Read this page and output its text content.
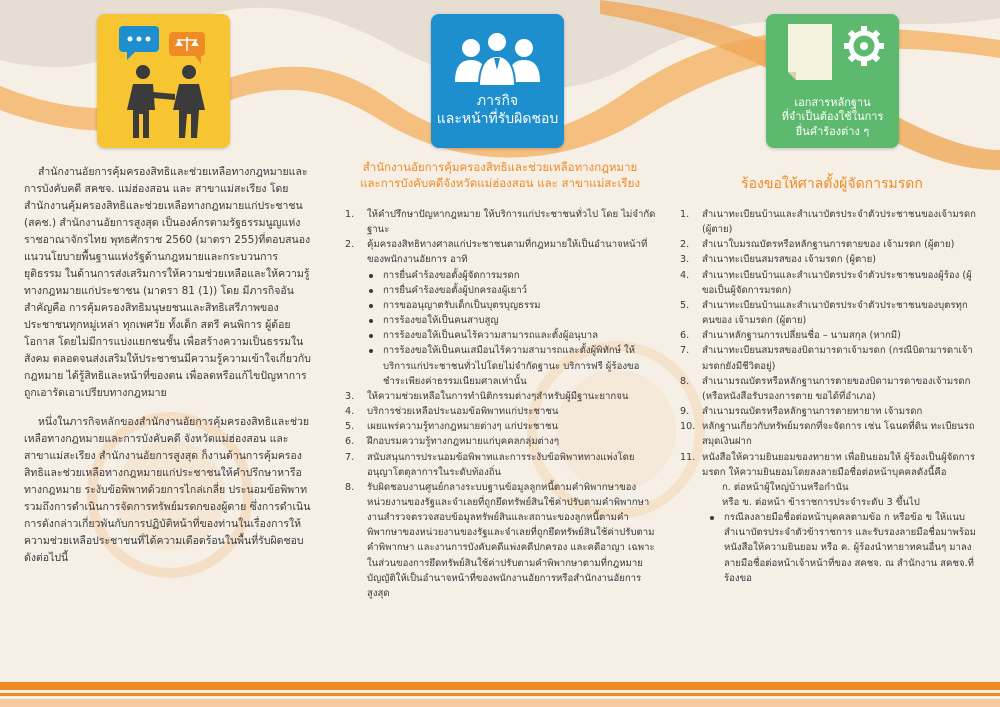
ภารกิจ
และหน้าที่รับผิดชอบ
เอกสารหลักฐาน
ที่จำเป็นต้องใช้ในการ
ยื่นคำร้องต่าง ๆ

สำนักงานอัยการคุ้มครองสิทธิและช่วยเหลือทางกฎหมายและการบังคับคดี สคชจ. แม่ฮ่องสอน และ สาขาแม่สะเรียง โดยสำนักงานคุ้มครองสิทธิและช่วยเหลือทางกฎหมายแก่ประชาชน (สคช.) สำนักงานอัยการสูงสุด เป็นองค์กรตามรัฐธรรมนูญแห่งราชอาณาจักรไทย พุทธศักราช 2560 (มาตรา 255)ที่ตอบสนองแนวนโยบายพื้นฐานแห่งรัฐด้านกฎหมายและกระบวนการยุติธรรม ในด้านการส่งเสริมการให้ความช่วยเหลือและให้ความรู้ทางกฎหมายแก่ประชาชน (มาตรา 81 (1)) โดย มีภารกิจอันสำคัญคือ การคุ้มครองสิทธิมนุษยชนและสิทธิเสรีภาพของประชาชนทุกหมู่เหล่า ทุกเพศวัย ทั้งเด็ก สตรี คนพิการ ผู้ด้อยโอกาส โดยไม่มีการแบ่งแยกชนชั้น เพื่อสร้างความเป็นธรรมในสังคม ตลอดจนส่งเสริมให้ประชาชนมีความรู้ความเข้าใจเกี่ยวกับกฎหมาย ได้รู้สิทธิและหน้าที่ของตน เพื่อลดหรือแก้ไขปัญหาการถูกเอารัดเอาเปรียบทางกฎหมาย

หนึ่งในภารกิจหลักของสำนักงานอัยการคุ้มครองสิทธิและช่วยเหลือทางกฎหมายและการบังคับคดี จังหวัดแม่ฮ่องสอน และ สาขาแม่สะเรียง สำนักงานอัยการสูงสุด ก็งานด้านการคุ้มครองสิทธิและช่วยเหลือทางกฎหมายแก่ประชาชนให้คำปรึกษาหารือทางกฎหมาย ระงับข้อพิพาทด้วยการไกล่เกลี่ย ประนอมข้อพิพาท รวมถึงการดำเนินการจัดการทรัพย์มรดกของผู้ตาย ซึ่งการดำเนินการดังกล่าวเกี่ยวพันกับการปฏิบัติหน้าที่ของท่านในเรื่องการให้ความช่วยเหลือประชาชนที่ได้ความเดือดร้อนในพื้นที่รับผิดชอบ ดังต่อไปนี้

สำนักงานอัยการคุ้มครองสิทธิและช่วยเหลือทางกฎหมาย
และการบังคับคดีจังหวัดแม่ฮ่องสอน และ สาขาแม่สะเรียง
1. ให้คำปรึกษาปัญหากฎหมาย ให้บริการแก่ประชาชนทั่วไป โดย ไม่จำกัดฐานะ
2. คุ้มครองสิทธิทางศาลแก่ประชาชนตามที่กฎหมายให้เป็นอำนาจหน้าที่ของพนักงานอัยการ อาทิ
การยื่นคำร้องขอตั้งผู้จัดการมรดก
การยื่นคำร้องขอตั้งผู้ปกครองผู้เยาว์
การขออนุญาตรับเด็กเป็นบุตรบุญธรรม
การร้องขอให้เป็นคนสาบสูญ
การร้องขอให้เป็นคนไร้ความสามารถและตั้งผู้อนุบาล
การร้องขอให้เป็นคนเสมือนไร้ความสามารถและตั้งผู้พิทักษ์ ให้บริการแก่ประชาชนทั่วไปโดยไม่จำกัดฐานะ บริการฟรี ผู้ร้องขอชำระเพียงค่าธรรมเนียมศาลเท่านั้น
3. ให้ความช่วยเหลือในการทำนิติกรรมต่างๆสำหรับผู้มีฐานะยากจน
4. บริการช่วยเหลือประนอมข้อพิพาทแก่ประชาชน
5. เผยแพร่ความรู้ทางกฎหมายต่างๆ แก่ประชาชน
6. ฝึกอบรมความรู้ทางกฎหมายแก่บุคคลกลุ่มต่างๆ
7. สนับสนุนการประนอมข้อพิพาทและการระงับข้อพิพาททางแพ่งโดยอนุญาโตตุลาการในระดับท้องถิ่น
8. รับผิดชอบงานศูนย์กลางระบบฐานข้อมูลลูกหนี้ตามคำพิพากษาของหน่วยงานของรัฐและจำเลยที่ถูกยึดทรัพย์สินใช้ค่าปรับตามคำพิพากษางานสำรวจตรวจสอบข้อมูลทรัพย์สินและสถานะของลูกหนี้ตามคำพิพากษาของหน่วยงานของรัฐและจำเลยที่ถูกยึดทรัพย์สินใช้ค่าปรับตามคำพิพากษา และงานการบังคับคดีแพ่งคดีปกครอง และคดีอาญา เฉพาะในส่วนของการยึดทรัพย์สินใช้ค่าปรับตามคำพิพากษาตามที่กฎหมายบัญญัติให้เป็นอำนาจหน้าที่ของพนักงานอัยการหรือสำนักงานอัยการสูงสุด
ร้องขอให้ศาลตั้งผู้จัดการมรดก
1. สำเนาทะเบียนบ้านและสำเนาบัตรประจำตัวประชาชนของเจ้ามรดก (ผู้ตาย)
2. สำเนาใบมรณบัตรหรือหลักฐานการตายของ เจ้ามรดก (ผู้ตาย)
3. สำเนาทะเบียนสมรสของ เจ้ามรดก (ผู้ตาย)
4. สำเนาทะเบียนบ้านและสำเนาบัตรประจำตัวประชาชนของผู้ร้อง (ผู้ขอเป็นผู้จัดการมรดก)
5. สำเนาทะเบียนบ้านและสำเนาบัตรประจำตัวประชาชนของบุตรทุกคนของ เจ้ามรดก (ผู้ตาย)
6. สำเนาหลักฐานการเปลี่ยนชื่อ – นามสกุล (หากมี)
7. สำเนาทะเบียนสมรสของบิดามารดาเจ้ามรดก (กรณีบิดามารดาเจ้ามรดกยังมีชีวิตอยู่)
8. สำเนามรณบัตรหรือหลักฐานการตายของบิดามารดาของเจ้ามรดก (หรือหนังสือรับรองการตาย ขอได้ที่อำเภอ)
9. สำเนามรณบัตรหรือหลักฐานการตายทายาท เจ้ามรดก
10. หลักฐานเกี่ยวกับทรัพย์มรดกที่จะจัดการ เช่น โฉนดที่ดิน ทะเบียนรถ สมุดเงินฝาก
11. หนังสือให้ความยินยอมของทายาท เพื่อยินยอมให้ ผู้ร้องเป็นผู้จัดการมรดก ให้ความยินยอมโดยลงลายมือชื่อต่อหน้าบุคคลดังนี้คือ
ก. ต่อหน้าผู้ใหญ่บ้านหรือกำนัน
หรือ ข. ต่อหน้า ข้าราชการประจำระดับ 3 ขึ้นไป
กรณีลงลายมือชื่อต่อหน้าบุคคลตามข้อ ก หรือข้อ ข ให้แนบสำเนาบัตรประจำตัวข้าราชการ และรับรองลายมือชื่อมาพร้อมหนังสือให้ความยินยอม หรือ ค. ผู้ร้องนำทายาทคนอื่นๆ มาลงลายมือชื่อต่อหน้าเจ้าหน้าที่ของ สคชจ. ณ สำนักงาน สคชจ.ที่ร้องขอ
